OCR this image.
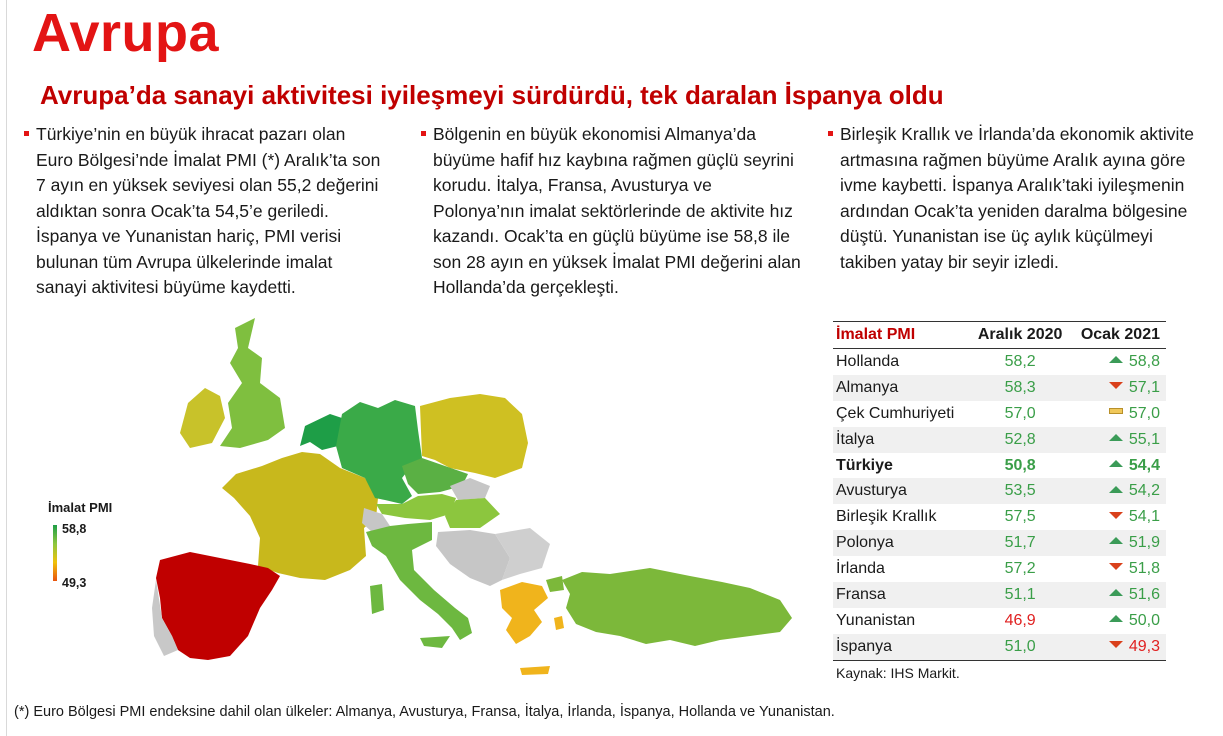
Avrupa
Avrupa’da sanayi aktivitesi iyileşmeyi sürdürdü, tek daralan İspanya oldu
Türkiye’nin en büyük ihracat pazarı olan Euro Bölgesi’nde İmalat PMI (*) Aralık’ta son 7 ayın en yüksek seviyesi olan 55,2 değerini aldıktan sonra Ocak’ta 54,5’e geriledi. İspanya ve Yunanistan hariç, PMI verisi bulunan tüm Avrupa ülkelerinde imalat sanayi aktivitesi büyüme kaydetti.
Bölgenin en büyük ekonomisi Almanya’da büyüme hafif hız kaybına rağmen güçlü seyrini korudu. İtalya, Fransa, Avusturya ve Polonya’nın imalat sektörlerinde de aktivite hız kazandı. Ocak’ta en güçlü büyüme ise 58,8 ile son 28 ayın en yüksek İmalat PMI değerini alan Hollanda’da gerçekleşti.
Birleşik Krallık ve İrlanda’da ekonomik aktivite artmasına rağmen büyüme Aralık ayına göre ivme kaybetti. İspanya Aralık’taki iyileşmenin ardından Ocak’ta yeniden daralma bölgesine düştü. Yunanistan ise üç aylık küçülmeyi takiben yatay bir seyir izledi.
İmalat PMI
58,8
49,3
İmalat PMI	Aralık 2020	Ocak 2021
Hollanda	58,2	58,8
Almanya	58,3	57,1
Çek Cumhuriyeti	57,0	57,0
İtalya	52,8	55,1
Türkiye	50,8	54,4
Avusturya	53,5	54,2
Birleşik Krallık	57,5	54,1
Polonya	51,7	51,9
İrlanda	57,2	51,8
Fransa	51,1	51,6
Yunanistan	46,9	50,0
İspanya	51,0	49,3
Kaynak: IHS Markit.
(*) Euro Bölgesi PMI endeksine dahil olan ülkeler: Almanya, Avusturya, Fransa, İtalya, İrlanda, İspanya, Hollanda ve Yunanistan.
